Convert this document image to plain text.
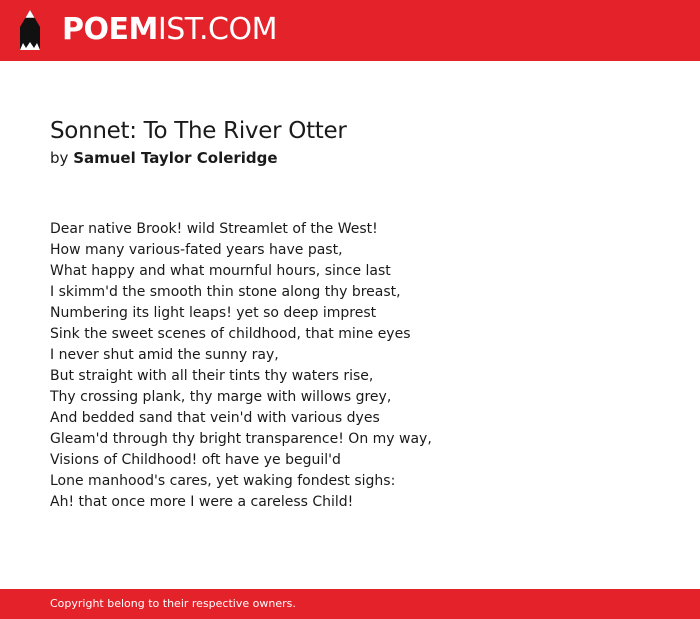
POEMIST.COM
Sonnet: To The River Otter
by Samuel Taylor Coleridge
Dear native Brook! wild Streamlet of the West!
How many various-fated years have past,
What happy and what mournful hours, since last
I skimm'd the smooth thin stone along thy breast,
Numbering its light leaps! yet so deep imprest
Sink the sweet scenes of childhood, that mine eyes
I never shut amid the sunny ray,
But straight with all their tints thy waters rise,
Thy crossing plank, thy marge with willows grey,
And bedded sand that vein'd with various dyes
Gleam'd through thy bright transparence! On my way,
Visions of Childhood! oft have ye beguil'd
Lone manhood's cares, yet waking fondest sighs:
Ah! that once more I were a careless Child!
Copyright belong to their respective owners.
